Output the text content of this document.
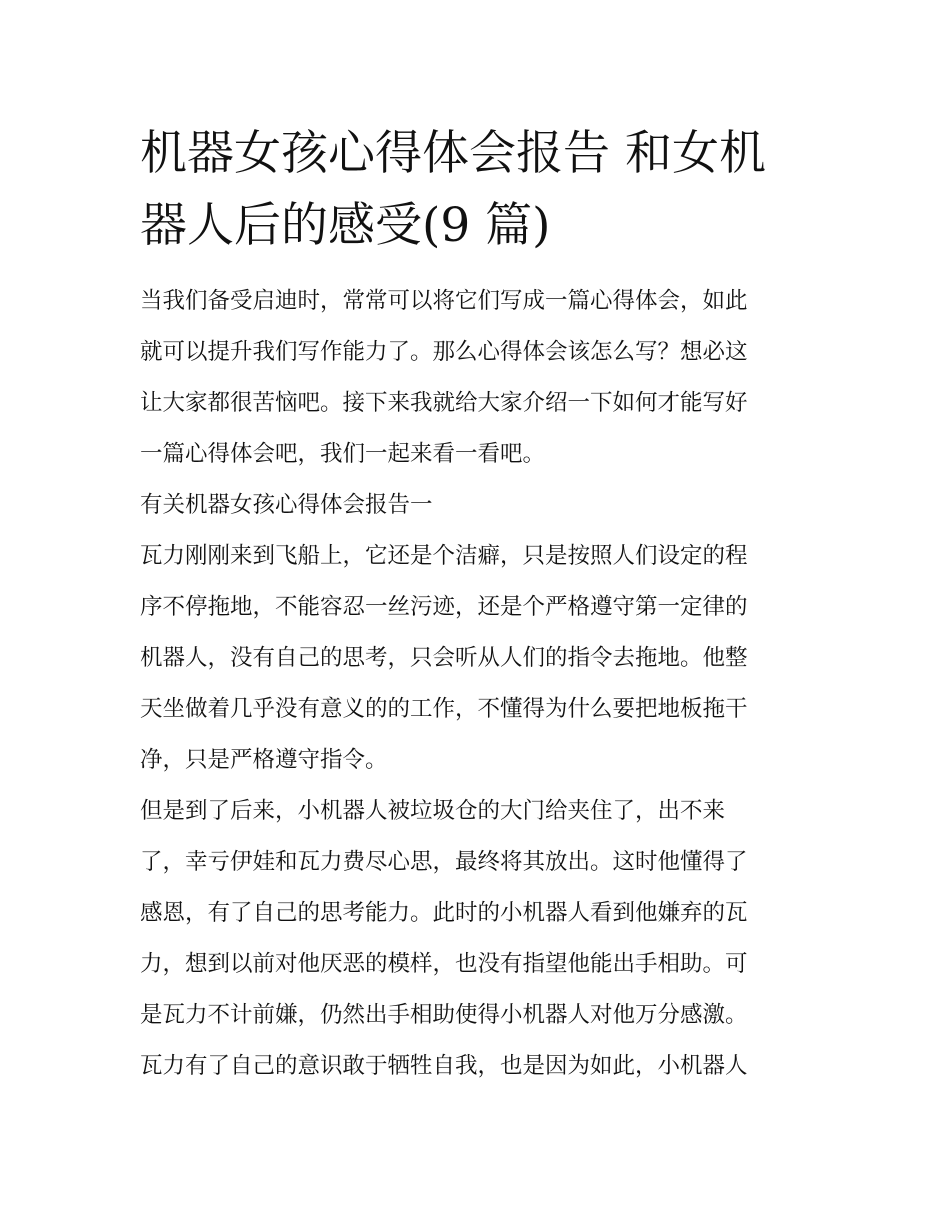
机器女孩心得体会报告 和女机
器人后的感受(9 篇)
当我们备受启迪时，常常可以将它们写成一篇心得体会，如此
就可以提升我们写作能力了。那么心得体会该怎么写？想必这
让大家都很苦恼吧。接下来我就给大家介绍一下如何才能写好
一篇心得体会吧，我们一起来看一看吧。
有关机器女孩心得体会报告一
瓦力刚刚来到飞船上，它还是个洁癖，只是按照人们设定的程
序不停拖地，不能容忍一丝污迹，还是个严格遵守第一定律的
机器人，没有自己的思考，只会听从人们的指令去拖地。他整
天坐做着几乎没有意义的的工作，不懂得为什么要把地板拖干
净，只是严格遵守指令。
但是到了后来，小机器人被垃圾仓的大门给夹住了，出不来
了，幸亏伊娃和瓦力费尽心思，最终将其放出。这时他懂得了
感恩，有了自己的思考能力。此时的小机器人看到他嫌弃的瓦
力，想到以前对他厌恶的模样，也没有指望他能出手相助。可
是瓦力不计前嫌，仍然出手相助使得小机器人对他万分感激。
瓦力有了自己的意识敢于牺牲自我，也是因为如此，小机器人
